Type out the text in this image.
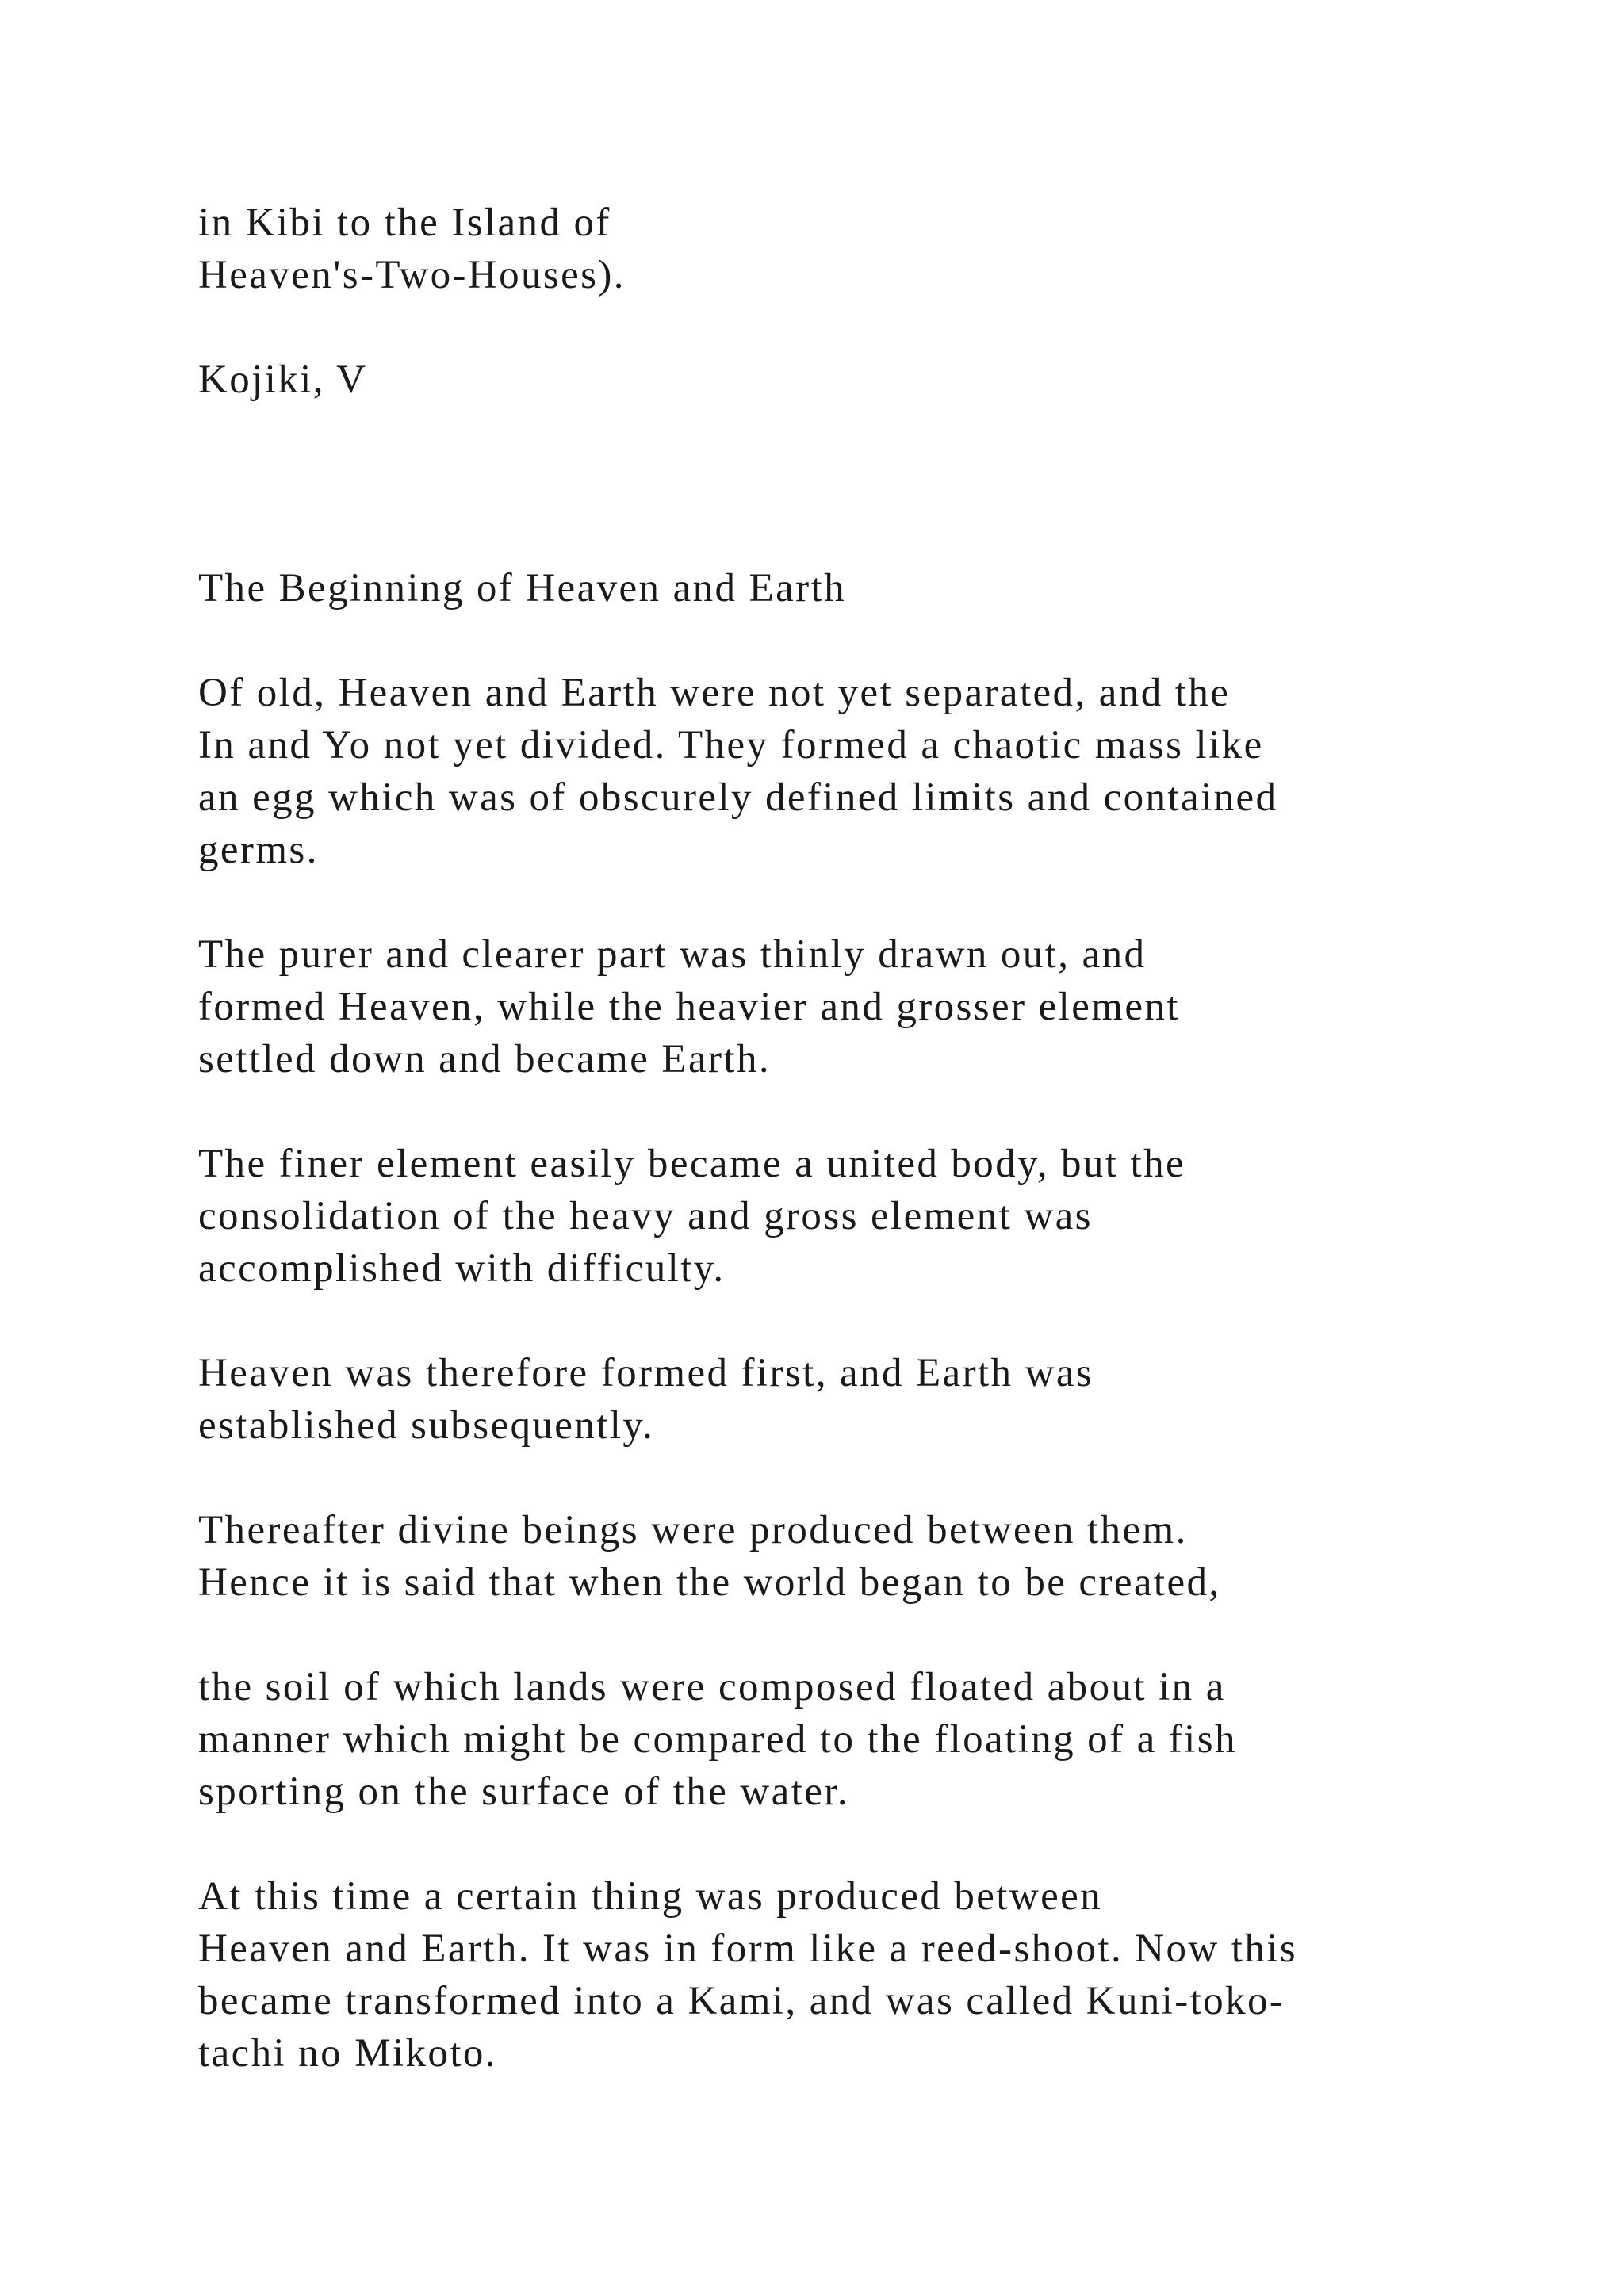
in Kibi to the Island of

Heaven's-Two-Houses).

Kojiki, V

The Beginning of Heaven and Earth

Of old, Heaven and Earth were not yet separated, and the

In and Yo not yet divided. They formed a chaotic mass like

an egg which was of obscurely defined limits and contained

germs.

The purer and clearer part was thinly drawn out, and

formed Heaven, while the heavier and grosser element

settled down and became Earth.

The finer element easily became a united body, but the

consolidation of the heavy and gross element was

accomplished with difficulty.

Heaven was therefore formed first, and Earth was

established subsequently.

Thereafter divine beings were produced between them.

Hence it is said that when the world began to be created,

the soil of which lands were composed floated about in a

manner which might be compared to the floating of a fish

sporting on the surface of the water.

At this time a certain thing was produced between

Heaven and Earth. It was in form like a reed-shoot. Now this

became transformed into a Kami, and was called Kuni-toko-

tachi no Mikoto.
